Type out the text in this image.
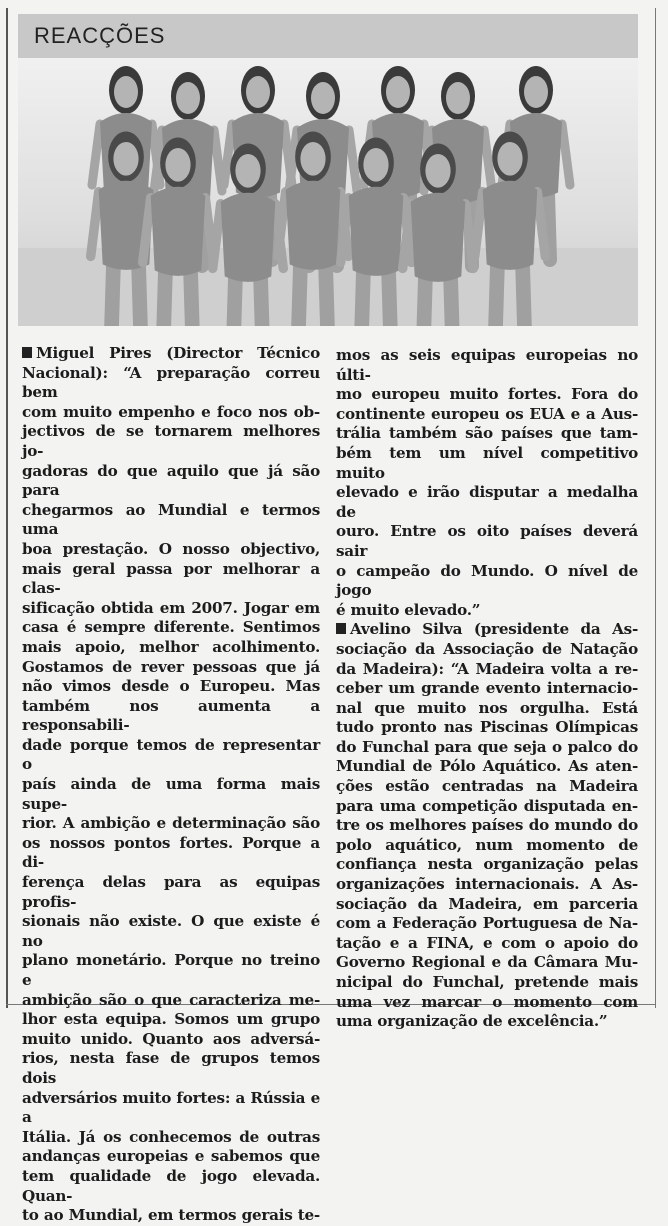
REACÇÕES
Miguel Pires (Director Técnico
Nacional): “A preparação correu bem
com muito empenho e foco nos ob-
jectivos de se tornarem melhores jo-
gadoras do que aquilo que já são para
chegarmos ao Mundial e termos uma
boa prestação. O nosso objectivo,
mais geral passa por melhorar a clas-
sificação obtida em 2007. Jogar em
casa é sempre diferente. Sentimos
mais apoio, melhor acolhimento.
Gostamos de rever pessoas que já
não vimos desde o Europeu. Mas
também nos aumenta a responsabili-
dade porque temos de representar o
país ainda de uma forma mais supe-
rior. A ambição e determinação são
os nossos pontos fortes. Porque a di-
ferença delas para as equipas profis-
sionais não existe. O que existe é no
plano monetário. Porque no treino e
ambição são o que caracteriza me-
lhor esta equipa. Somos um grupo
muito unido. Quanto aos adversá-
rios, nesta fase de grupos temos dois
adversários muito fortes: a Rússia e a
Itália. Já os conhecemos de outras
andanças europeias e sabemos que
tem qualidade de jogo elevada. Quan-
to ao Mundial, em termos gerais te-
mos as seis equipas europeias no últi-
mo europeu muito fortes. Fora do
continente europeu os EUA e a Aus-
trália também são países que tam-
bém tem um nível competitivo muito
elevado e irão disputar a medalha de
ouro. Entre os oito países deverá sair
o campeão do Mundo. O nível de jogo
é muito elevado.”
Avelino Silva (presidente da As-
sociação da Associação de Natação
da Madeira): “A Madeira volta a re-
ceber um grande evento internacio-
nal que muito nos orgulha. Está
tudo pronto nas Piscinas Olímpicas
do Funchal para que seja o palco do
Mundial de Pólo Aquático. As aten-
ções estão centradas na Madeira
para uma competição disputada en-
tre os melhores países do mundo do
polo aquático, num momento de
confiança nesta organização pelas
organizações internacionais. A As-
sociação da Madeira, em parceria
com a Federação Portuguesa de Na-
tação e a FINA, e com o apoio do
Governo Regional e da Câmara Mu-
nicipal do Funchal, pretende mais
uma vez marcar o momento com
uma organização de excelência.”
